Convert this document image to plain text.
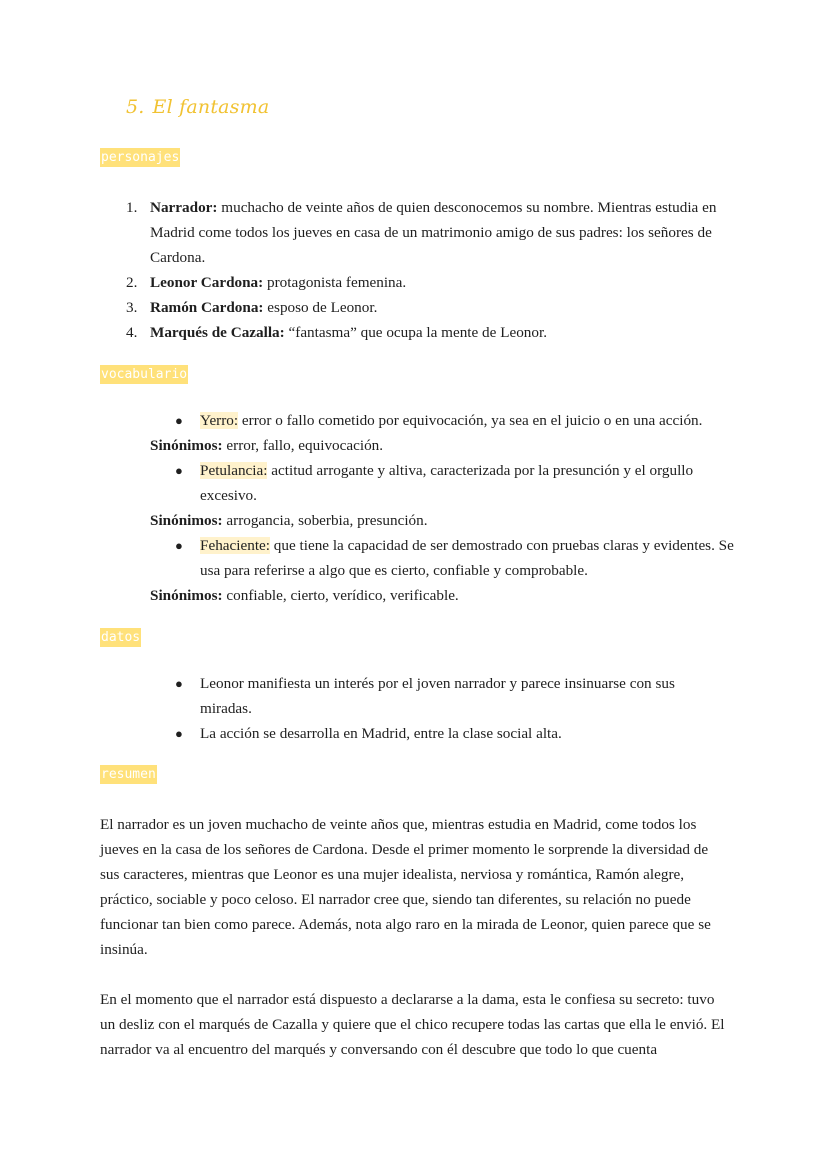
5. El fantasma
personajes
1. Narrador: muchacho de veinte años de quien desconocemos su nombre. Mientras estudia en Madrid come todos los jueves en casa de un matrimonio amigo de sus padres: los señores de Cardona.
2. Leonor Cardona: protagonista femenina.
3. Ramón Cardona: esposo de Leonor.
4. Marqués de Cazalla: “fantasma” que ocupa la mente de Leonor.
vocabulario
●	Yerro: error o fallo cometido por equivocación, ya sea en el juicio o en una acción.
Sinónimos: error, fallo, equivocación.
●	Petulancia: actitud arrogante y altiva, caracterizada por la presunción y el orgullo excesivo.
Sinónimos: arrogancia, soberbia, presunción.
●	Fehaciente: que tiene la capacidad de ser demostrado con pruebas claras y evidentes. Se usa para referirse a algo que es cierto, confiable y comprobable.
Sinónimos: confiable, cierto, verídico, verificable.
datos
●	Leonor manifiesta un interés por el joven narrador y parece insinuarse con sus miradas.
●	La acción se desarrolla en Madrid, entre la clase social alta.
resumen
El narrador es un joven muchacho de veinte años que, mientras estudia en Madrid, come todos los jueves en la casa de los señores de Cardona. Desde el primer momento le sorprende la diversidad de sus caracteres, mientras que Leonor es una mujer idealista, nerviosa y romántica, Ramón alegre, práctico, sociable y poco celoso. El narrador cree que, siendo tan diferentes, su relación no puede funcionar tan bien como parece. Además, nota algo raro en la mirada de Leonor, quien parece que se insinúa.
En el momento que el narrador está dispuesto a declararse a la dama, esta le confiesa su secreto: tuvo un desliz con el marqués de Cazalla y quiere que el chico recupere todas las cartas que ella le envió. El narrador va al encuentro del marqués y conversando con él descubre que todo lo que cuenta
